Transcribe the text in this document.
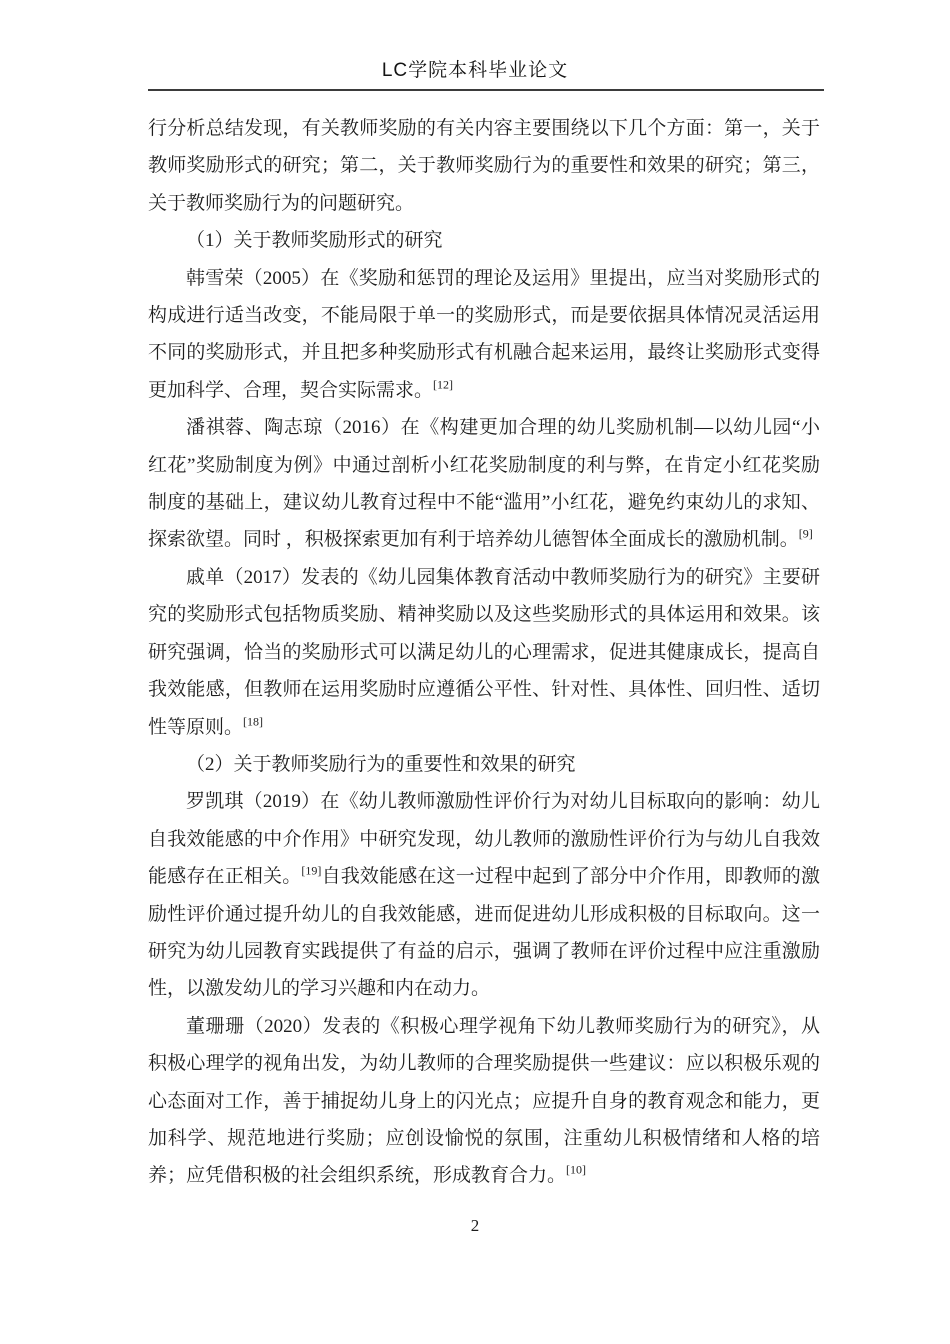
LC学院本科毕业论文

行分析总结发现，有关教师奖励的有关内容主要围绕以下几个方面：第一，关于教师奖励形式的研究；第二，关于教师奖励行为的重要性和效果的研究；第三，关于教师奖励行为的问题研究。

（1）关于教师奖励形式的研究

韩雪荣（2005）在《奖励和惩罚的理论及运用》里提出，应当对奖励形式的构成进行适当改变，不能局限于单一的奖励形式，而是要依据具体情况灵活运用不同的奖励形式，并且把多种奖励形式有机融合起来运用，最终让奖励形式变得更加科学、合理，契合实际需求。[12]

潘祺蓉、陶志琼（2016）在《构建更加合理的幼儿奖励机制—以幼儿园“小红花”奖励制度为例》中通过剖析小红花奖励制度的利与弊，在肯定小红花奖励制度的基础上，建议幼儿教育过程中不能“滥用”小红花，避免约束幼儿的求知、探索欲望。同时 ，积极探索更加有利于培养幼儿德智体全面成长的激励机制。[9]

戚单（2017）发表的《幼儿园集体教育活动中教师奖励行为的研究》主要研究的奖励形式包括物质奖励、精神奖励以及这些奖励形式的具体运用和效果。该研究强调，恰当的奖励形式可以满足幼儿的心理需求，促进其健康成长，提高自我效能感，但教师在运用奖励时应遵循公平性、针对性、具体性、回归性、适切性等原则。[18]

（2）关于教师奖励行为的重要性和效果的研究

罗凯琪（2019）在《幼儿教师激励性评价行为对幼儿目标取向的影响：幼儿自我效能感的中介作用》中研究发现，幼儿教师的激励性评价行为与幼儿自我效能感存在正相关。[19]自我效能感在这一过程中起到了部分中介作用，即教师的激励性评价通过提升幼儿的自我效能感，进而促进幼儿形成积极的目标取向。这一研究为幼儿园教育实践提供了有益的启示，强调了教师在评价过程中应注重激励性，以激发幼儿的学习兴趣和内在动力。

董珊珊（2020）发表的《积极心理学视角下幼儿教师奖励行为的研究》，从积极心理学的视角出发，为幼儿教师的合理奖励提供一些建议：应以积极乐观的心态面对工作，善于捕捉幼儿身上的闪光点；应提升自身的教育观念和能力，更加科学、规范地进行奖励；应创设愉悦的氛围，注重幼儿积极情绪和人格的培养；应凭借积极的社会组织系统，形成教育合力。[10]

2
